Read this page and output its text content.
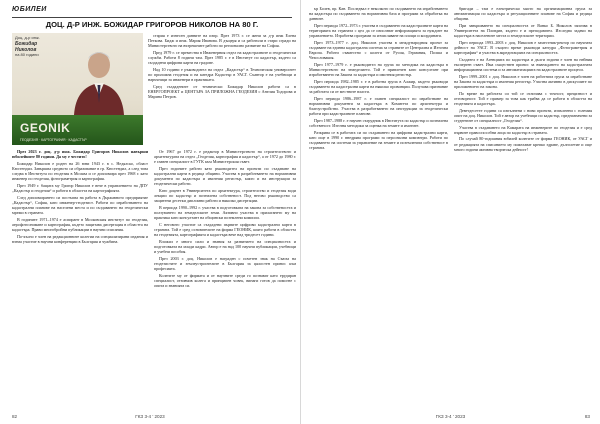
ЮБИЛЕИ
ДОЦ. Д-Р ИНЖ. БОЖИДАР ГРИГОРОВ НИКОЛОВ НА 80 Г.
Доц. д-р инж.
Божидар Николов
на 80 години
GEONIK
ГЕОДЕЗИЯ · КАРТОГРАФИЯ · КАДАСТЪР

стария е изнесен данните на изпр. През 1973 г. се жени за д-р инж Елена Петкова. Бидж и инж. Мария Иванова. В дъщеря и са работили в стари сгради на Министерството на вътрешните работи по регионално развитие на София.

Пред 1979 г. се премества в Инженерния отдел на кадастралните и геодезически служби. Работи 8 години там. През 1985 г. е в Институт по кадастър, където са създадени цифрови карти на градове.

Над 10 години е ръководител на отдел „Кадастър“ в Техническия университет по приложна геодезия и на катедра Кадастър в УАСГ. Съавтор е на учебници и наръчници за инженери в практиката.

Сред създадените от технически Божидар Николов работи са в ЕНЕРГОПРОЕКТ и ЦЕНТЪРА ЗА ПРИЛОЖНА ГЕОДЕЗИЯ с Анелия Тодорова и Марина Петров.

През 2023 г. доц. д-р инж. Божидар Григоров Николов навърши юбилейните 80 години. Да му е честито!

Божидар Николов е роден на 26 юни 1943 г. в с. Недялско, област Кюстендил. Завършва средното си образование в гр. Кюстендил, а след това следва в Института по геодезия в Москва и се дипломира през 1968 г. като инженер по геодезия, фотограметрия и картография.

През 1949 г. бащата му Григор Николов е вече в управлението на ДПУ „Кадастър и геодезия“ и работи в областта на картографията.

След дипломирането си постъпва на работа в Държавното предприятие „Кадастър“, София, като инженер-геодезист. Работи по изработването на кадастрални планове на населени места и по създаването на геодезически мрежи в страната.

В годините 1971–1974 е аспирант в Московския институт по геодезия, аерофотоснимане и картография, където защитава дисертация в областта на кадастъра. Прави многобройни публикации в научни списания.

По-късно е член на редакционните колегии на специализирани издания и взема участие в научни конференции в България и чужбина.

От 1967 до 1972 г. е редактор в Министерството на строителството и архитектурата на отдел „Геодезия, картография и кадастър“, а от 1972 до 1980 г. е главен специалист в ГУГК към Министерския съвет.

През годините работи като ръководител на проекти по създаване на кадастрални карти в редица общини. Участва в разработването на нормативни документи по кадастъра и имотния регистър, както и на инструкции за геодезически работи.

Като доцент в Университета по архитектура, строителство и геодезия води лекции по кадастър и поземлена собственост. Под негово ръководство са защитени десетки дипломни работи и няколко дисертации.

В периода 1990–1992 г. участва в подготовката на закона за собствеността и ползуването на земеделските земи. Активно участва в прилагането му на практика като консултант на общински поземлени комисии.

С неговото участие са създадени първите цифрови кадастрални карти в страната. Той е сред основателите на фирма ГЕОНИК, която работи в областта на геодезията, картографията и кадастъра вече над тридесет години.

Вложил е много сили и знания за развитието на специалността и подготовката на млади кадри. Автор е на над 100 научни публикации, учебници и учебни пособия.

През 2003 г. доц. Николов е награден с почетен знак на Съюза на геодезистите и землеустроителите в България за цялостен принос към професията.

Колегите му от фирмата и от научните среди го познават като ерудиран специалист, отзивчив колега и принципен човек, винаги готов да помогне с опита и знанията си.

82	ГКЗ 3-4 ’ 2023

ър Болев, пр. Кан. Последвал е неколкото по създаването на изработването на кадастъра по създаването на нормативна база и програми за обработка на данните.

През периода 1972–1973 г. участва в създаването на кадастралните карти на територията на страната с цел да се използват информацията за нуждите на управлението. Изработва програми за изчисляване на площи и координати.

През 1973–1977 г. доц. Николов участва в международния проект за създаване на единна кадастрална система за страните от Централна и Източна Европа. Работи съвместно с колеги от Русия, Германия, Полша и Чехословакия.

През 1977–1979 г. е ръководител на група по методика на кадастъра в Министерството на земеделието. Той е привлечен като консултант при изработването на Закона за кадастъра и имотния регистър.

През периода 1982–1985 г. е в работна група в Алжир, където ръководи създаването на кадастрални карти на няколко провинции. Получава признание за работата си от местните власти.

През периода 1986–1987 г. е главен специалист по изработване на нормативни документи за кадастъра в Комитета по архитектура и благоустройство. Участва в разработването на инструкции за геодезически работи при кадастралните планове.

През 1987–1988 г. е научен сътрудник в Института по кадастър и поземлена собственост. Изготвя методики за оценка на земите и имотите.

Разкрива се в работата си по създаването на цифрови кадастрални карти, като още в 1990 г. внедрява програми за персонални компютри. Работи по създаването на системи за управление на земите и поземлената собственост в страната.

бригади – там е електрическо място на организационна група за автоматизация по кадастъра и регулационните планове на София и редица общини.

При завършването на специалността от Ванко Б. Николов започва в Университета на Пловдив, където е и преподавател. Изследва задачи на кадастъра в населените места и земеделските територии.

През периода 1993–2003 г. доц. Николов е заместник-ректор по научната дейност на УАСГ. В същото време ръководи катедра „Фотограметрия и картография“ и участва в акредитацията на специалността.

Създател е на Агенцията по кадастъра и дълги години е член на нейния експертен съвет. Има съществен принос за въвеждането на кадастралната информационна система и за автоматизацията на кадастралните процеси.

През 1999–2001 г. доц. Николов е член на работната група за изработване на Закона за кадастъра и имотния регистър. Участва активно в дискусиите по приложението на закона.

По време на работата си той се отличава с точност, прецизност и отговорност. Той е пример за това как трябва да се работи в областта на геодезията и кадастъра.

Деветдесетте години са изпълнени с нови проекти, изпълнени с големия опит на доц. Николов. Той е автор на учебници по кадастър, предназначени за студентите от специалност „Геодезия“.

Участва в създаването на Камарата на инженерите по геодезия и е сред първите правоспособни лица по кадастър в страната.

По случай 80-годишния юбилей колегите от фирма ГЕОНИК, от УАСГ и от редакцията на списанието му пожелават крепко здраве, дълголетие и още много години активна творческа дейност!

ГКЗ 3-4 ’ 2023	83
